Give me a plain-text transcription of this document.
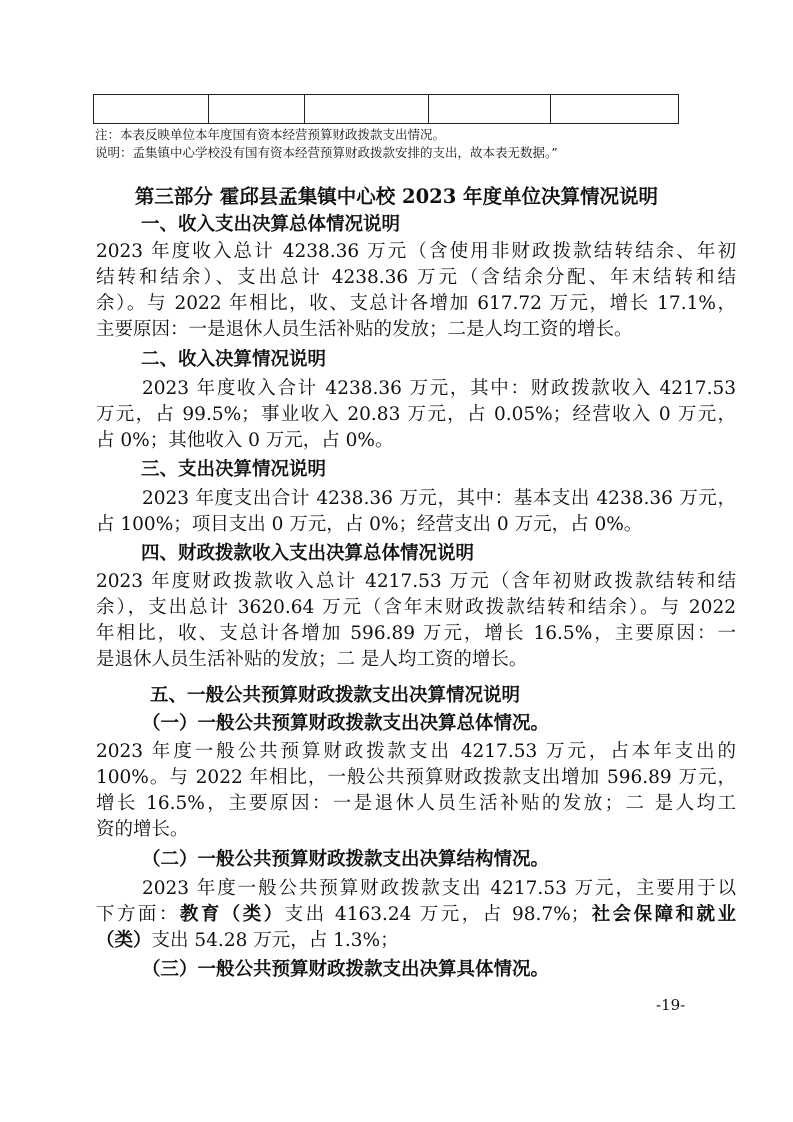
注：本表反映单位本年度国有资本经营预算财政拨款支出情况。
说明：孟集镇中心学校没有国有资本经营预算财政拨款安排的支出，故本表无数据。”
第三部分 霍邱县孟集镇中心校 2023 年度单位决算情况说明
一、收入支出决算总体情况说明
2023 年度收入总计 4238.36 万元（含使用非财政拨款结转结余、年初
结转和结余）、支出总计 4238.36 万元（含结余分配、年末结转和结
余）。与 2022 年相比，收、支总计各增加 617.72 万元，增长 17.1%，
主要原因：一是退休人员生活补贴的发放；二是人均工资的增长。
二、收入决算情况说明
2023 年度收入合计 4238.36 万元，其中：财政拨款收入 4217.53
万元，占 99.5%；事业收入 20.83 万元，占 0.05%；经营收入 0 万元，
占 0%；其他收入 0 万元，占 0%。
三、支出决算情况说明
2023 年度支出合计 4238.36 万元，其中：基本支出 4238.36 万元，
占 100%；项目支出 0 万元，占 0%；经营支出 0 万元，占 0%。
四、财政拨款收入支出决算总体情况说明
2023 年度财政拨款收入总计 4217.53 万元（含年初财政拨款结转和结
余），支出总计 3620.64 万元（含年末财政拨款结转和结余）。与 2022
年相比，收、支总计各增加 596.89 万元，增长 16.5%，主要原因：一
是退休人员生活补贴的发放；二 是人均工资的增长。
五、一般公共预算财政拨款支出决算情况说明
（一）一般公共预算财政拨款支出决算总体情况。
2023 年度一般公共预算财政拨款支出 4217.53 万元，占本年支出的
100%。与 2022 年相比，一般公共预算财政拨款支出增加 596.89 万元，
增长 16.5%，主要原因：一是退休人员生活补贴的发放；二 是人均工
资的增长。
（二）一般公共预算财政拨款支出决算结构情况。
2023 年度一般公共预算财政拨款支出 4217.53 万元，主要用于以
下方面：教育（类）支出 4163.24 万元，占 98.7%；社会保障和就业
（类）支出 54.28 万元，占 1.3%；
（三）一般公共预算财政拨款支出决算具体情况。
-19-
